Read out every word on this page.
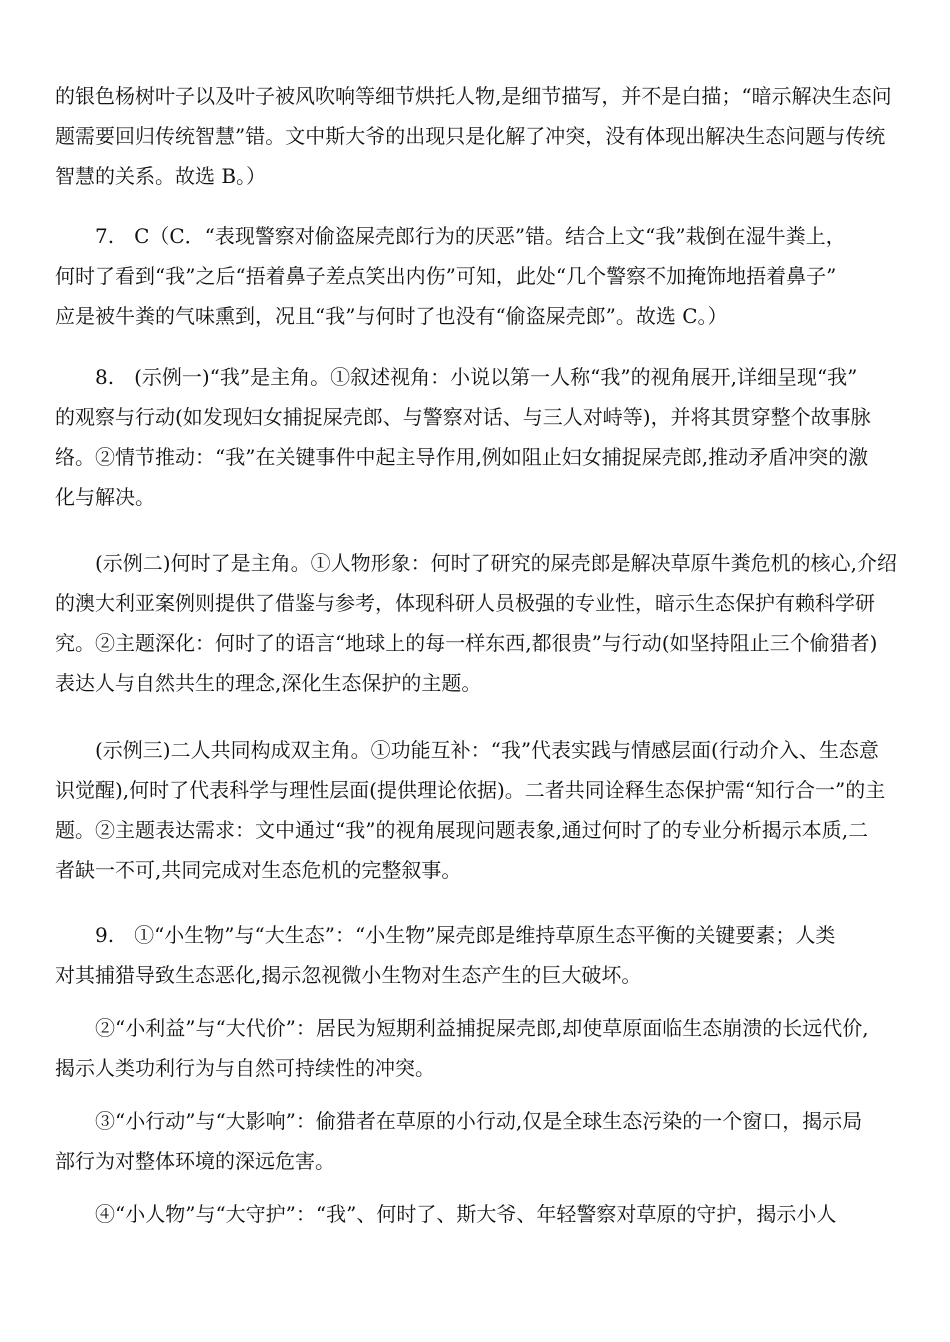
的银色杨树叶子以及叶子被风吹响等细节烘托人物,是细节描写，并不是白描；“暗示解决生态问
题需要回归传统智慧”错。文中斯大爷的出现只是化解了冲突，没有体现出解决生态问题与传统
智慧的关系。故选 B。）

7.　C（C．“表现警察对偷盗屎壳郎行为的厌恶”错。结合上文“我”栽倒在湿牛粪上，
何时了看到“我”之后“捂着鼻子差点笑出内伤”可知，此处“几个警察不加掩饰地捂着鼻子”
应是被牛粪的气味熏到，况且“我”与何时了也没有“偷盗屎壳郎”。故选 C。）

8.　(示例一)“我”是主角。①叙述视角：小说以第一人称“我”的视角展开,详细呈现“我”
的观察与行动(如发现妇女捕捉屎壳郎、与警察对话、与三人对峙等)，并将其贯穿整个故事脉
络。②情节推动：“我”在关键事件中起主导作用,例如阻止妇女捕捉屎壳郎,推动矛盾冲突的激
化与解决。

(示例二)何时了是主角。①人物形象：何时了研究的屎壳郎是解决草原牛粪危机的核心,介绍
的澳大利亚案例则提供了借鉴与参考，体现科研人员极强的专业性，暗示生态保护有赖科学研
究。②主题深化：何时了的语言“地球上的每一样东西,都很贵”与行动(如坚持阻止三个偷猎者)
表达人与自然共生的理念,深化生态保护的主题。

(示例三)二人共同构成双主角。①功能互补：“我”代表实践与情感层面(行动介入、生态意
识觉醒),何时了代表科学与理性层面(提供理论依据)。二者共同诠释生态保护需“知行合一”的主
题。②主题表达需求：文中通过“我”的视角展现问题表象,通过何时了的专业分析揭示本质,二
者缺一不可,共同完成对生态危机的完整叙事。

9.　①“小生物”与“大生态”：“小生物”屎壳郎是维持草原生态平衡的关键要素；人类
对其捕猎导致生态恶化,揭示忽视微小生物对生态产生的巨大破坏。

②“小利益”与“大代价”：居民为短期利益捕捉屎壳郎,却使草原面临生态崩溃的长远代价,
揭示人类功利行为与自然可持续性的冲突。

③“小行动”与“大影响”：偷猎者在草原的小行动,仅是全球生态污染的一个窗口，揭示局
部行为对整体环境的深远危害。

④“小人物”与“大守护”：“我”、何时了、斯大爷、年轻警察对草原的守护，揭示小人
